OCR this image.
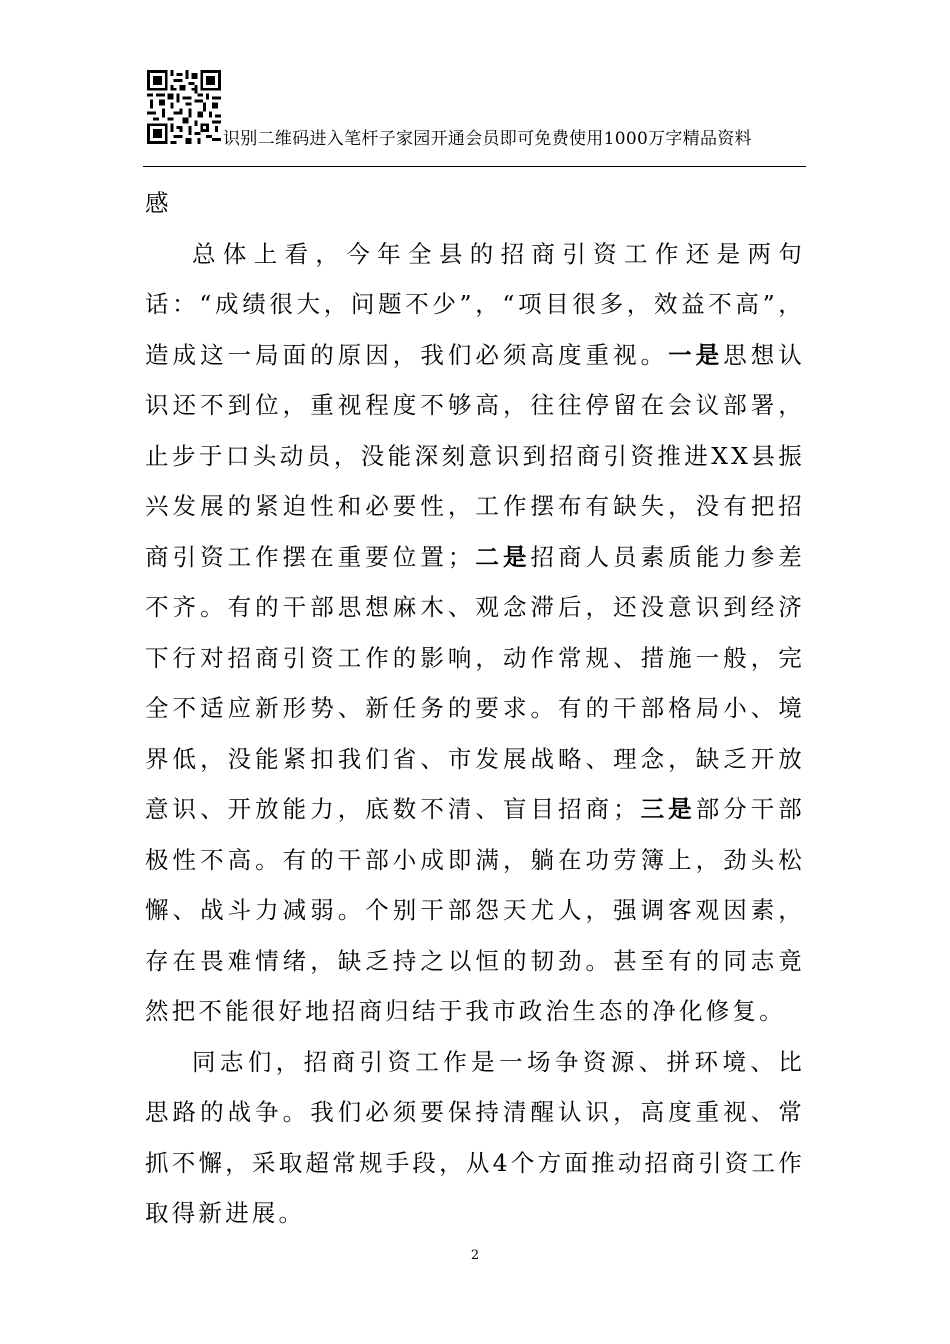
识别二维码进入笔杆子家园开通会员即可免费使用1000万字精品资料

感

总体上看，今年全县的招商引资工作还是两句话：“成绩很大，问题不少”，“项目很多，效益不高”，造成这一局面的原因，我们必须高度重视。一是思想认识还不到位，重视程度不够高，往往停留在会议部署，止步于口头动员，没能深刻意识到招商引资推进XX县振兴发展的紧迫性和必要性，工作摆布有缺失，没有把招商引资工作摆在重要位置；二是招商人员素质能力参差不齐。有的干部思想麻木、观念滞后，还没意识到经济下行对招商引资工作的影响，动作常规、措施一般，完全不适应新形势、新任务的要求。有的干部格局小、境界低，没能紧扣我们省、市发展战略、理念，缺乏开放意识、开放能力，底数不清、盲目招商；三是部分干部极性不高。有的干部小成即满，躺在功劳簿上，劲头松懈、战斗力减弱。个别干部怨天尤人，强调客观因素，存在畏难情绪，缺乏持之以恒的韧劲。甚至有的同志竟然把不能很好地招商归结于我市政治生态的净化修复。

同志们，招商引资工作是一场争资源、拼环境、比思路的战争。我们必须要保持清醒认识，高度重视、常抓不懈，采取超常规手段，从4个方面推动招商引资工作取得新进展。

2
